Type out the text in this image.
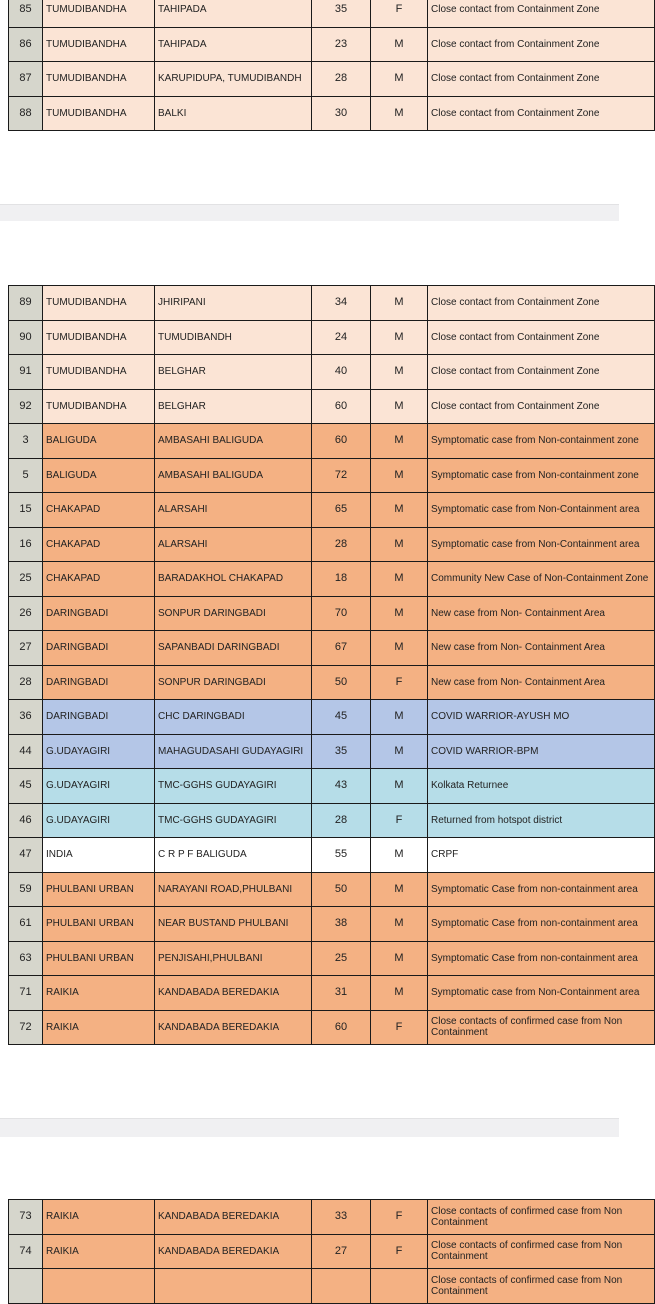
85	TUMUDIBANDHA	TAHIPADA	35	F	Close contact from Containment Zone
86	TUMUDIBANDHA	TAHIPADA	23	M	Close contact from Containment Zone
87	TUMUDIBANDHA	KARUPIDUPA, TUMUDIBANDH	28	M	Close contact from Containment Zone
88	TUMUDIBANDHA	BALKI	30	M	Close contact from Containment Zone
89	TUMUDIBANDHA	JHIRIPANI	34	M	Close contact from Containment Zone
90	TUMUDIBANDHA	TUMUDIBANDH	24	M	Close contact from Containment Zone
91	TUMUDIBANDHA	BELGHAR	40	M	Close contact from Containment Zone
92	TUMUDIBANDHA	BELGHAR	60	M	Close contact from Containment Zone
3	BALIGUDA	AMBASAHI BALIGUDA	60	M	Symptomatic case from Non-containment zone
5	BALIGUDA	AMBASAHI BALIGUDA	72	M	Symptomatic case from Non-containment zone
15	CHAKAPAD	ALARSAHI	65	M	Symptomatic case from Non-Containment area
16	CHAKAPAD	ALARSAHI	28	M	Symptomatic case from Non-Containment area
25	CHAKAPAD	BARADAKHOL CHAKAPAD	18	M	Community New Case of Non-Containment Zone
26	DARINGBADI	SONPUR DARINGBADI	70	M	New case from Non- Containment Area
27	DARINGBADI	SAPANBADI DARINGBADI	67	M	New case from Non- Containment Area
28	DARINGBADI	SONPUR DARINGBADI	50	F	New case from Non- Containment Area
36	DARINGBADI	CHC DARINGBADI	45	M	COVID WARRIOR-AYUSH MO
44	G.UDAYAGIRI	MAHAGUDASAHI GUDAYAGIRI	35	M	COVID WARRIOR-BPM
45	G.UDAYAGIRI	TMC-GGHS GUDAYAGIRI	43	M	Kolkata Returnee
46	G.UDAYAGIRI	TMC-GGHS GUDAYAGIRI	28	F	Returned from hotspot district
47	INDIA	C R P F BALIGUDA	55	M	CRPF
59	PHULBANI URBAN	NARAYANI ROAD,PHULBANI	50	M	Symptomatic Case from non-containment area
61	PHULBANI URBAN	NEAR BUSTAND PHULBANI	38	M	Symptomatic Case from non-containment area
63	PHULBANI URBAN	PENJISAHI,PHULBANI	25	M	Symptomatic Case from non-containment area
71	RAIKIA	KANDABADA BEREDAKIA	31	M	Symptomatic case from Non-Containment area
72	RAIKIA	KANDABADA BEREDAKIA	60	F	Close contacts of confirmed case from Non Containment
73	RAIKIA	KANDABADA BEREDAKIA	33	F	Close contacts of confirmed case from Non Containment
74	RAIKIA	KANDABADA BEREDAKIA	27	F	Close contacts of confirmed case from Non Containment
					Close contacts of confirmed case from Non Containment
